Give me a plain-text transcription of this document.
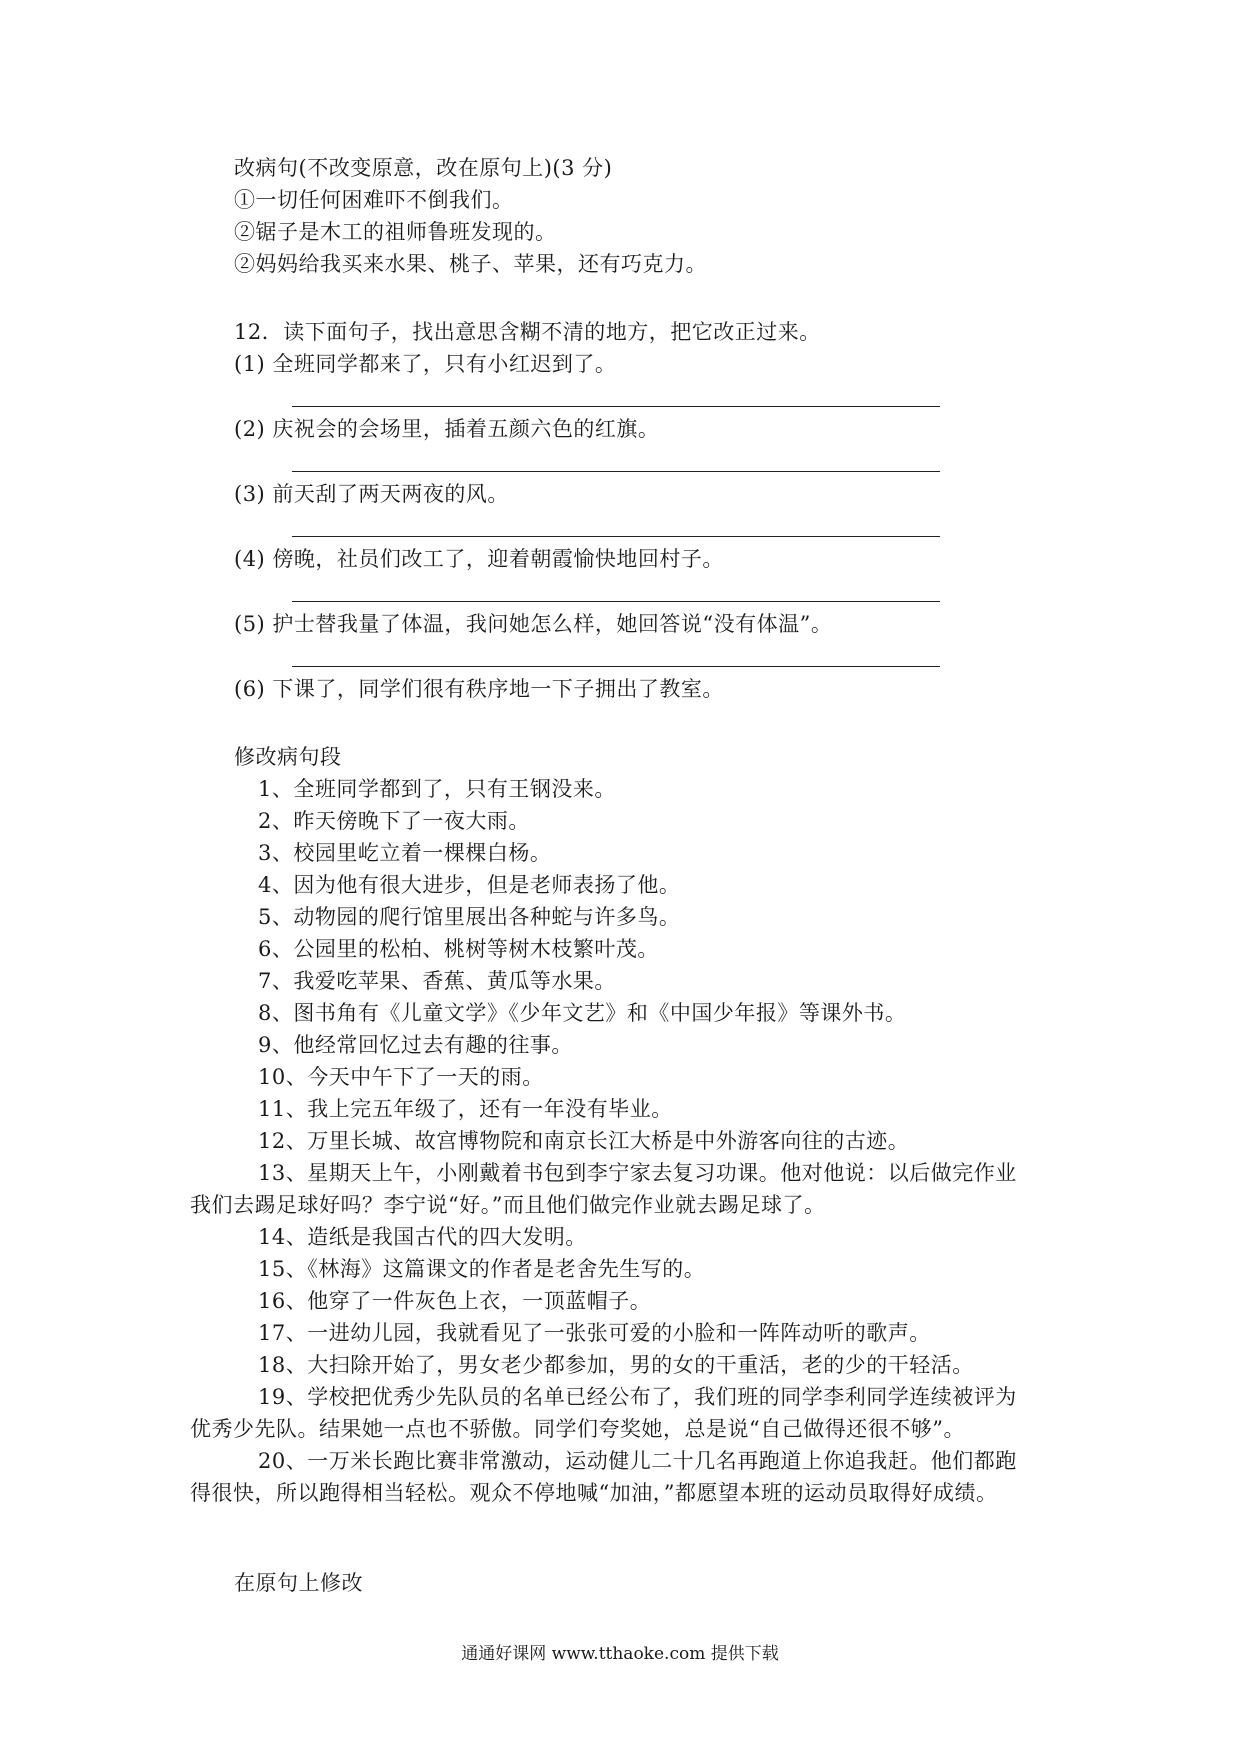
改病句(不改变原意，改在原句上)(3 分)
①一切任何困难吓不倒我们。
②锯子是木工的祖师鲁班发现的。
②妈妈给我买来水果、桃子、苹果，还有巧克力。
12．读下面句子，找出意思含糊不清的地方，把它改正过来。
(1) 全班同学都来了，只有小红迟到了。
(2) 庆祝会的会场里，插着五颜六色的红旗。
(3) 前天刮了两天两夜的风。
(4) 傍晚，社员们改工了，迎着朝霞愉快地回村子。
(5) 护士替我量了体温，我问她怎么样，她回答说“没有体温”。
(6) 下课了，同学们很有秩序地一下子拥出了教室。
修改病句段
1、全班同学都到了，只有王钢没来。
2、昨天傍晚下了一夜大雨。
3、校园里屹立着一棵棵白杨。
4、因为他有很大进步，但是老师表扬了他。
5、动物园的爬行馆里展出各种蛇与许多鸟。
6、公园里的松柏、桃树等树木枝繁叶茂。
7、我爱吃苹果、香蕉、黄瓜等水果。
8、图书角有《儿童文学》《少年文艺》和《中国少年报》等课外书。
9、他经常回忆过去有趣的往事。
10、今天中午下了一天的雨。
11、我上完五年级了，还有一年没有毕业。
12、万里长城、故宫博物院和南京长江大桥是中外游客向往的古迹。
13、星期天上午，小刚戴着书包到李宁家去复习功课。他对他说：以后做完作业
我们去踢足球好吗？李宁说“好。”而且他们做完作业就去踢足球了。
14、造纸是我国古代的四大发明。
15、《林海》这篇课文的作者是老舍先生写的。
16、他穿了一件灰色上衣，一顶蓝帽子。
17、一进幼儿园，我就看见了一张张可爱的小脸和一阵阵动听的歌声。
18、大扫除开始了，男女老少都参加，男的女的干重活，老的少的干轻活。
19、学校把优秀少先队员的名单已经公布了，我们班的同学李利同学连续被评为
优秀少先队。结果她一点也不骄傲。同学们夸奖她，总是说“自己做得还很不够”。
20、一万米长跑比赛非常激动，运动健儿二十几名再跑道上你追我赶。他们都跑
得很快，所以跑得相当轻松。观众不停地喊“加油，”都愿望本班的运动员取得好成绩。
在原句上修改
通通好课网 www.tthaoke.com 提供下载
